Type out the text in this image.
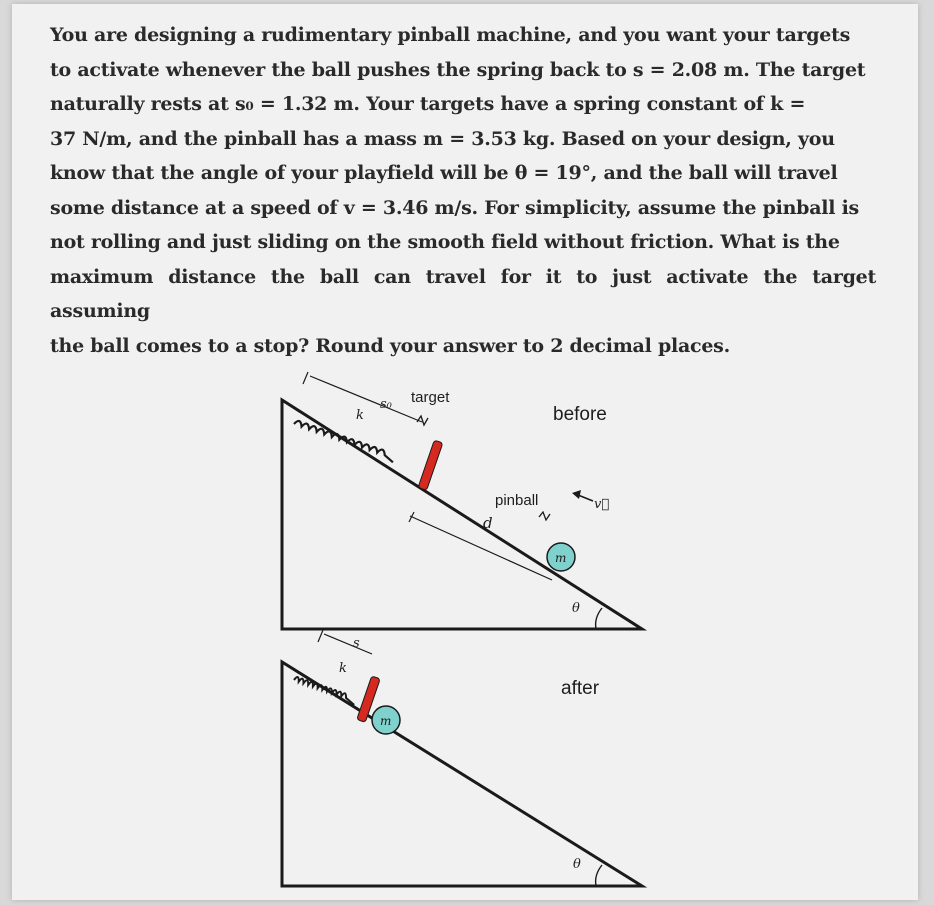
You are designing a rudimentary pinball machine, and you want your targets
to activate whenever the ball pushes the spring back to s = 2.08 m. The target
naturally rests at s₀ = 1.32 m. Your targets have a spring constant of k =
37 N/m, and the pinball has a mass m = 3.53 kg. Based on your design, you
know that the angle of your playfield will be θ = 19°, and the ball will travel
some distance at a speed of v = 3.46 m/s. For simplicity, assume the pinball is
not rolling and just sliding on the smooth field without friction. What is the
maximum distance the ball can travel for it to just activate the target assuming
the ball comes to a stop? Round your answer to 2 decimal places.
s₀
k
target
before
pinball
d
m
v⃗
θ
s
k
m
after
θ
